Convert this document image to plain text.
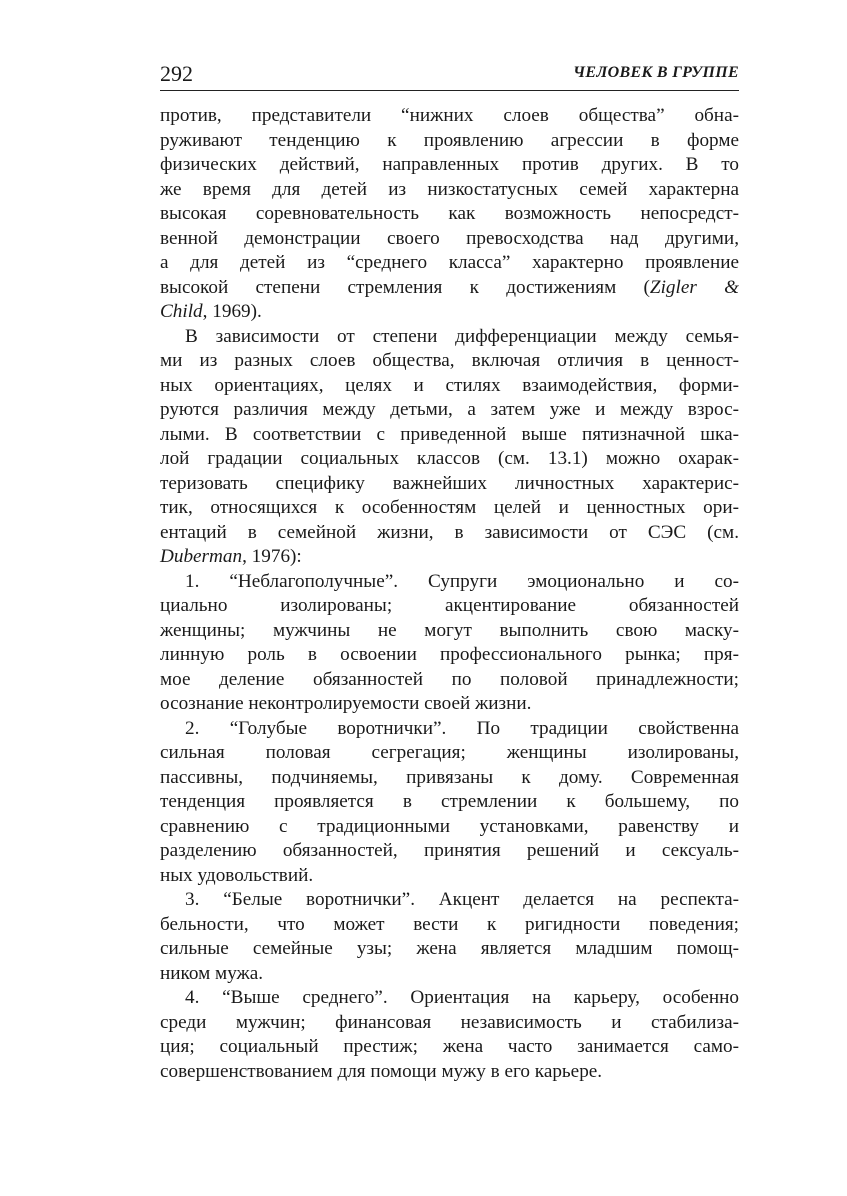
292	ЧЕЛОВЕК В ГРУППЕ
против, представители “нижних слоев общества” обна-
руживают тенденцию к проявлению агрессии в форме
физических действий, направленных против других. В то
же время для детей из низкостатусных семей характерна
высокая соревновательность как возможность непосредст-
венной демонстрации своего превосходства над другими,
а для детей из “среднего класса” характерно проявление
высокой степени стремления к достижениям (Zigler &
Child, 1969).
В зависимости от степени дифференциации между семья-
ми из разных слоев общества, включая отличия в ценност-
ных ориентациях, целях и стилях взаимодействия, форми-
руются различия между детьми, а затем уже и между взрос-
лыми. В соответствии с приведенной выше пятизначной шка-
лой градации социальных классов (см. 13.1) можно охарак-
теризовать специфику важнейших личностных характерис-
тик, относящихся к особенностям целей и ценностных ори-
ентаций в семейной жизни, в зависимости от СЭС (см.
Duberman, 1976):
1. “Неблагополучные”. Супруги эмоционально и со-
циально изолированы; акцентирование обязанностей
женщины; мужчины не могут выполнить свою маску-
линную роль в освоении профессионального рынка; пря-
мое деление обязанностей по половой принадлежности;
осознание неконтролируемости своей жизни.
2. “Голубые воротнички”. По традиции свойственна
сильная половая сегрегация; женщины изолированы,
пассивны, подчиняемы, привязаны к дому. Современная
тенденция проявляется в стремлении к большему, по
сравнению с традиционными установками, равенству и
разделению обязанностей, принятия решений и сексуаль-
ных удовольствий.
3. “Белые воротнички”. Акцент делается на респекта-
бельности, что может вести к ригидности поведения;
сильные семейные узы; жена является младшим помощ-
ником мужа.
4. “Выше среднего”. Ориентация на карьеру, особенно
среди мужчин; финансовая независимость и стабилиза-
ция; социальный престиж; жена часто занимается само-
совершенствованием для помощи мужу в его карьере.
